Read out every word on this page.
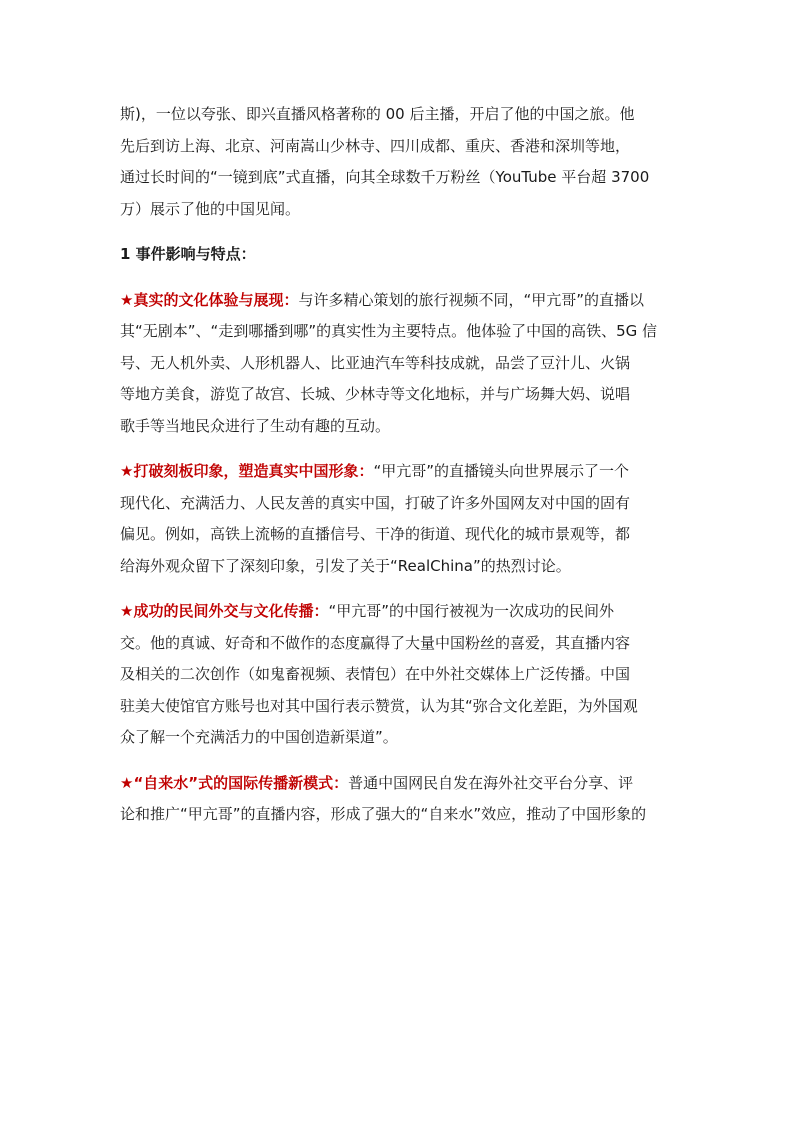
斯)，一位以夸张、即兴直播风格著称的 00 后主播，开启了他的中国之旅。他
先后到访上海、北京、河南嵩山少林寺、四川成都、重庆、香港和深圳等地，
通过长时间的“一镜到底”式直播，向其全球数千万粉丝（YouTube 平台超 3700
万）展示了他的中国见闻。

1 事件影响与特点：

★真实的文化体验与展现：与许多精心策划的旅行视频不同，“甲亢哥”的直播以
其“无剧本”、“走到哪播到哪”的真实性为主要特点。他体验了中国的高铁、5G 信
号、无人机外卖、人形机器人、比亚迪汽车等科技成就，品尝了豆汁儿、火锅
等地方美食，游览了故宫、长城、少林寺等文化地标，并与广场舞大妈、说唱
歌手等当地民众进行了生动有趣的互动。

★打破刻板印象，塑造真实中国形象：“甲亢哥”的直播镜头向世界展示了一个
现代化、充满活力、人民友善的真实中国，打破了许多外国网友对中国的固有
偏见。例如，高铁上流畅的直播信号、干净的街道、现代化的城市景观等，都
给海外观众留下了深刻印象，引发了关于“RealChina”的热烈讨论。

★成功的民间外交与文化传播：“甲亢哥”的中国行被视为一次成功的民间外
交。他的真诚、好奇和不做作的态度赢得了大量中国粉丝的喜爱，其直播内容
及相关的二次创作（如鬼畜视频、表情包）在中外社交媒体上广泛传播。中国
驻美大使馆官方账号也对其中国行表示赞赏，认为其“弥合文化差距，为外国观
众了解一个充满活力的中国创造新渠道”。

★“自来水”式的国际传播新模式：普通中国网民自发在海外社交平台分享、评
论和推广“甲亢哥”的直播内容，形成了强大的“自来水”效应，推动了中国形象的
